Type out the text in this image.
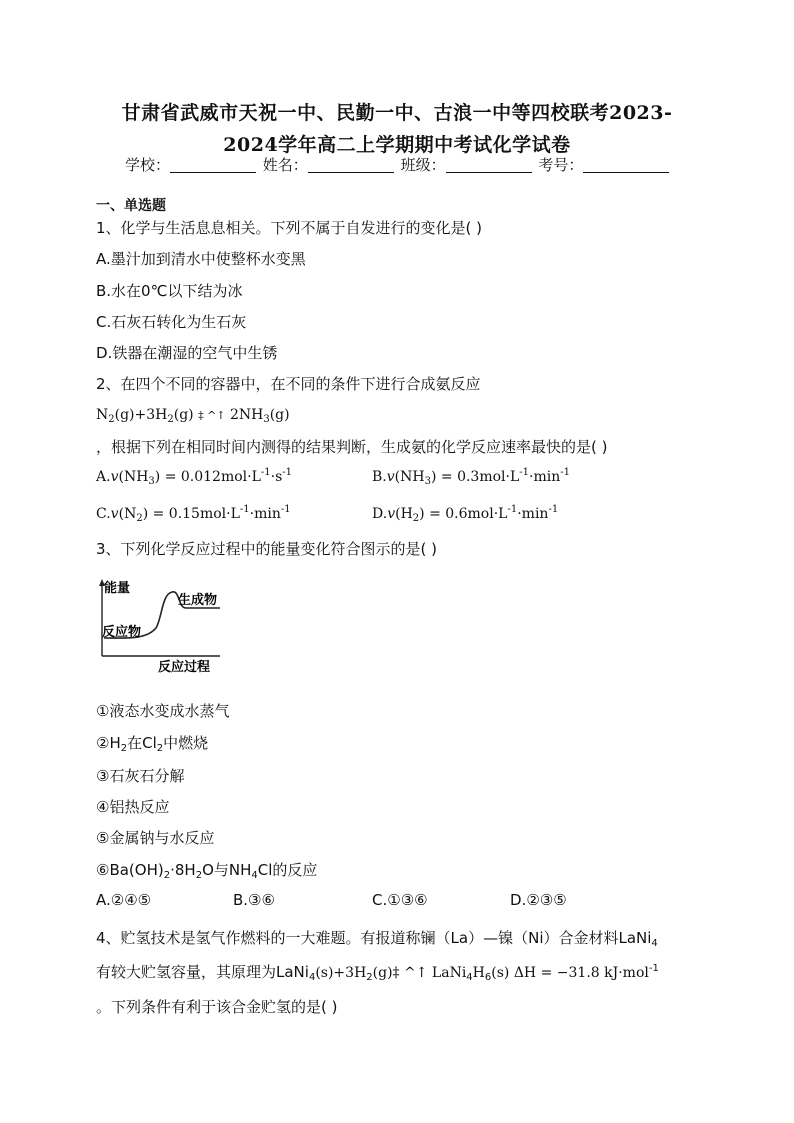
甘肃省武威市天祝一中、民勤一中、古浪一中等四校联考2023-
2024学年高二上学期期中考试化学试卷
学校：	姓名：	班级：	考号：
一、单选题
1、化学与生活息息相关。下列不属于自发进行的变化是( )
A.墨汁加到清水中使整杯水变黑
B.水在0℃以下结为冰
C.石灰石转化为生石灰
D.铁器在潮湿的空气中生锈
2、在四个不同的容器中，在不同的条件下进行合成氨反应
$N_2(g)+3H_2(g)$ ‡ ^↑ $2NH_3(g)$
，根据下列在相同时间内测得的结果判断，生成氨的化学反应速率最快的是( )
$A.v(NH_3) = 0.012mol\cdot L^{-1}\cdot s^{-1}$	$B.v(NH_3) = 0.3mol\cdot L^{-1}\cdot\min^{-1}$
$C.v(N_2) = 0.15mol\cdot L^{-1}\cdot\min^{-1}$	$D.v(H_2) = 0.6mol\cdot L^{-1}\cdot\min^{-1}$
3、下列化学反应过程中的能量变化符合图示的是( )
能量
生成物
反应物
反应过程
①液态水变成水蒸气
$②H_2$在$Cl_2$中燃烧
③石灰石分解
④铝热反应
⑤金属钠与水反应
$⑥Ba(OH)_2\cdot 8H_2O$与$NH_4Cl$的反应
A.②④⑤	B.③⑥	C.①③⑥	D.②③⑤
4、贮氢技术是氢气作燃料的一大难题。有报道称镧（La）—镍（Ni）合金材料LaNi$_4$
有较大贮氢容量，其原理为$LaNi_4(s)+3H_2(g)\ddagger$ ^↑ $LaNi_4H_6(s) \Delta H = -31.8$ kJ·mol$^{-1}$
。下列条件有利于该合金贮氢的是( )
